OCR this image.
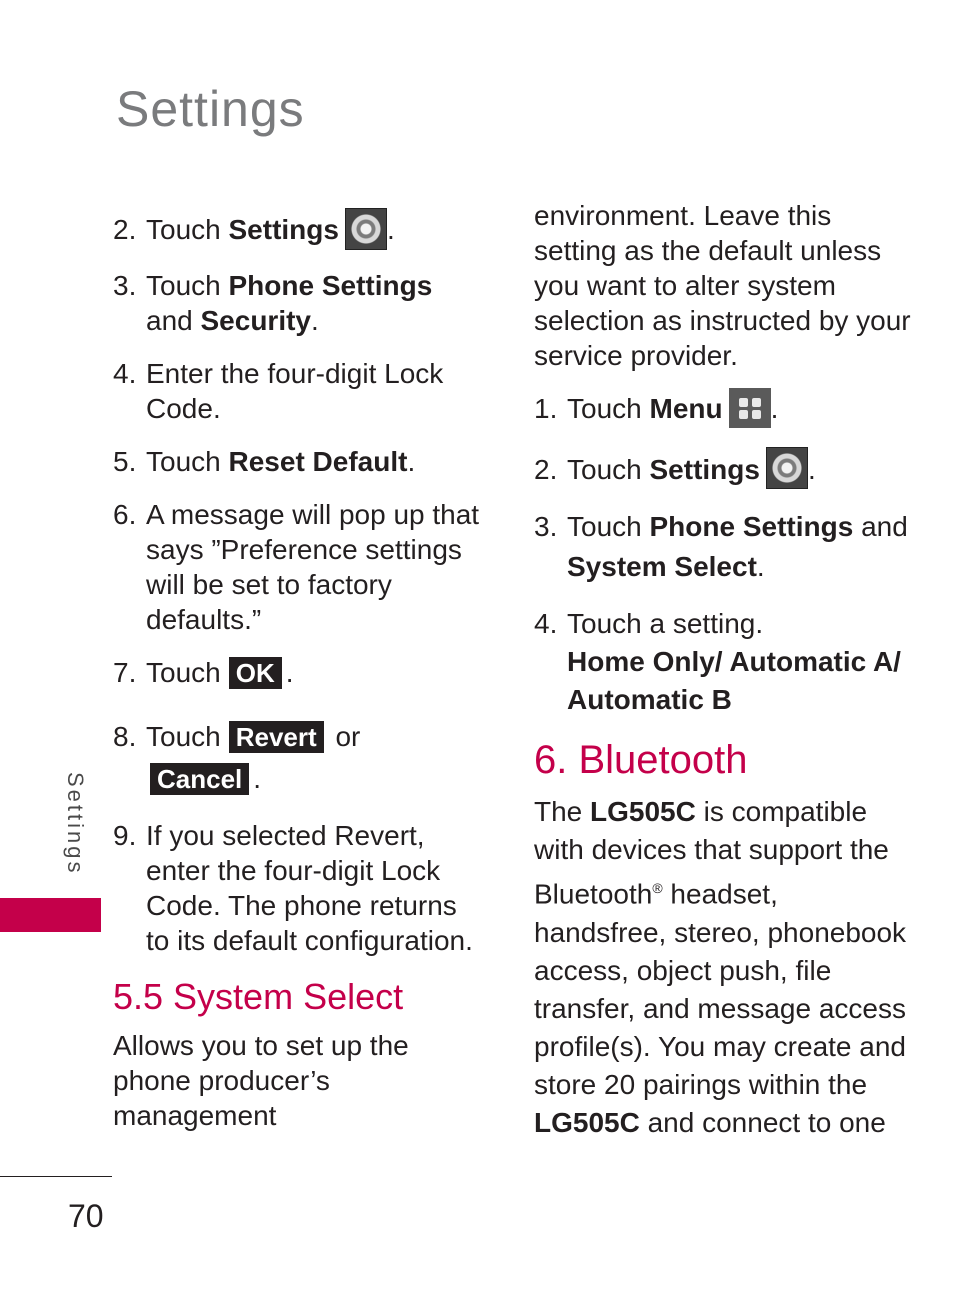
Settings
Settings
70
2. Touch Settings .
3. Touch Phone Settings and Security.
4. Enter the four-digit Lock Code.
5. Touch Reset Default.
6. A message will pop up that says ”Preference settings will be set to factory defaults.”
7. Touch OK .
8. Touch Revert or
Cancel .
9. If you selected Revert, enter the four-digit Lock Code. The phone returns to its default configuration.
5.5 System Select

Allows you to set up the phone producer’s management

environment. Leave this setting as the default unless you want to alter system selection as instructed by your service provider.

1. Touch Menu .
2. Touch Settings .
3. Touch Phone Settings and System Select.
4. Touch a setting.
Home Only/ Automatic A/ Automatic B
6. Bluetooth

The LG505C is compatible with devices that support the Bluetooth® headset, handsfree, stereo, phonebook access, object push, file transfer, and message access profile(s). You may create and store 20 pairings within the LG505C and connect to one
